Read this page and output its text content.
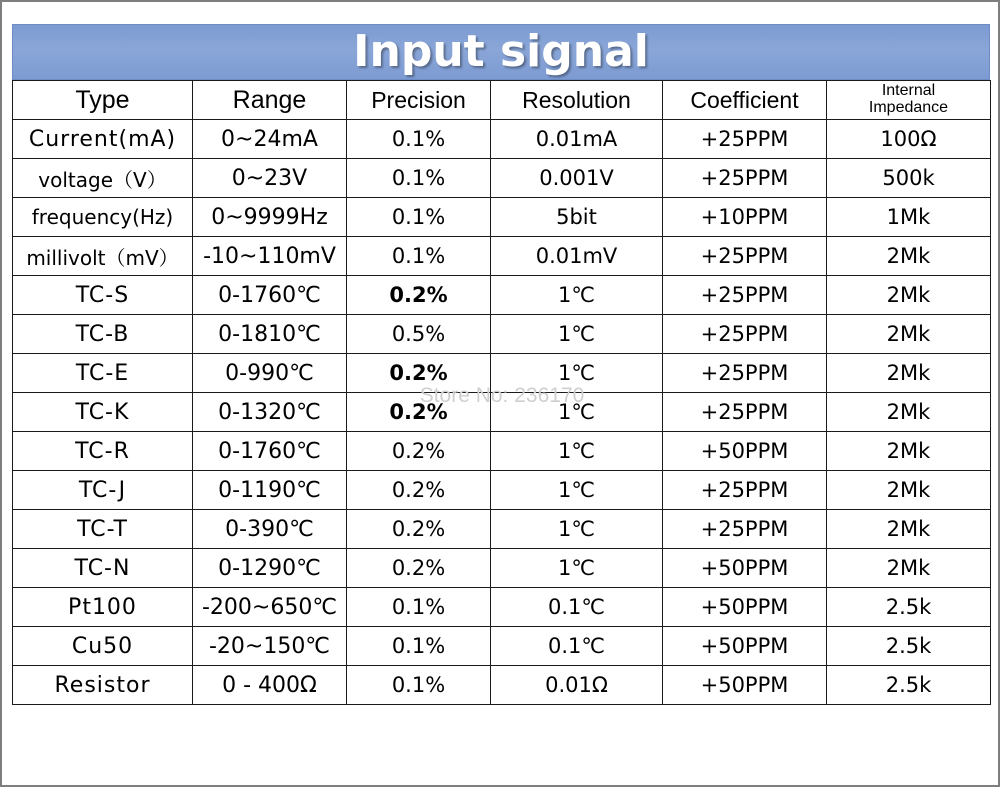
Input signal
Type	Range	Precision	Resolution	Coefficient	Internal
Impedance

Current(mA)	0~24mA	0.1%	0.01mA	+25PPM	100Ω
voltage（V）	0~23V	0.1%	0.001V	+25PPM	500k
frequency(Hz)	0~9999Hz	0.1%	5bit	+10PPM	1Mk
millivolt（mV）	-10~110mV	0.1%	0.01mV	+25PPM	2Mk
TC-S	0-1760℃	0.2%	1℃	+25PPM	2Mk
TC-B	0-1810℃	0.5%	1℃	+25PPM	2Mk
TC-E	0-990℃	0.2%	1℃	+25PPM	2Mk
TC-K	0-1320℃	0.2%	1℃	+25PPM	2Mk
TC-R	0-1760℃	0.2%	1℃	+50PPM	2Mk
TC-J	0-1190℃	0.2%	1℃	+25PPM	2Mk
TC-T	0-390℃	0.2%	1℃	+25PPM	2Mk
TC-N	0-1290℃	0.2%	1℃	+50PPM	2Mk
Pt100	-200~650℃	0.1%	0.1℃	+50PPM	2.5k
Cu50	-20~150℃	0.1%	0.1℃	+50PPM	2.5k
Resistor	0 - 400Ω	0.1%	0.01Ω	+50PPM	2.5k
Store No: 236170
